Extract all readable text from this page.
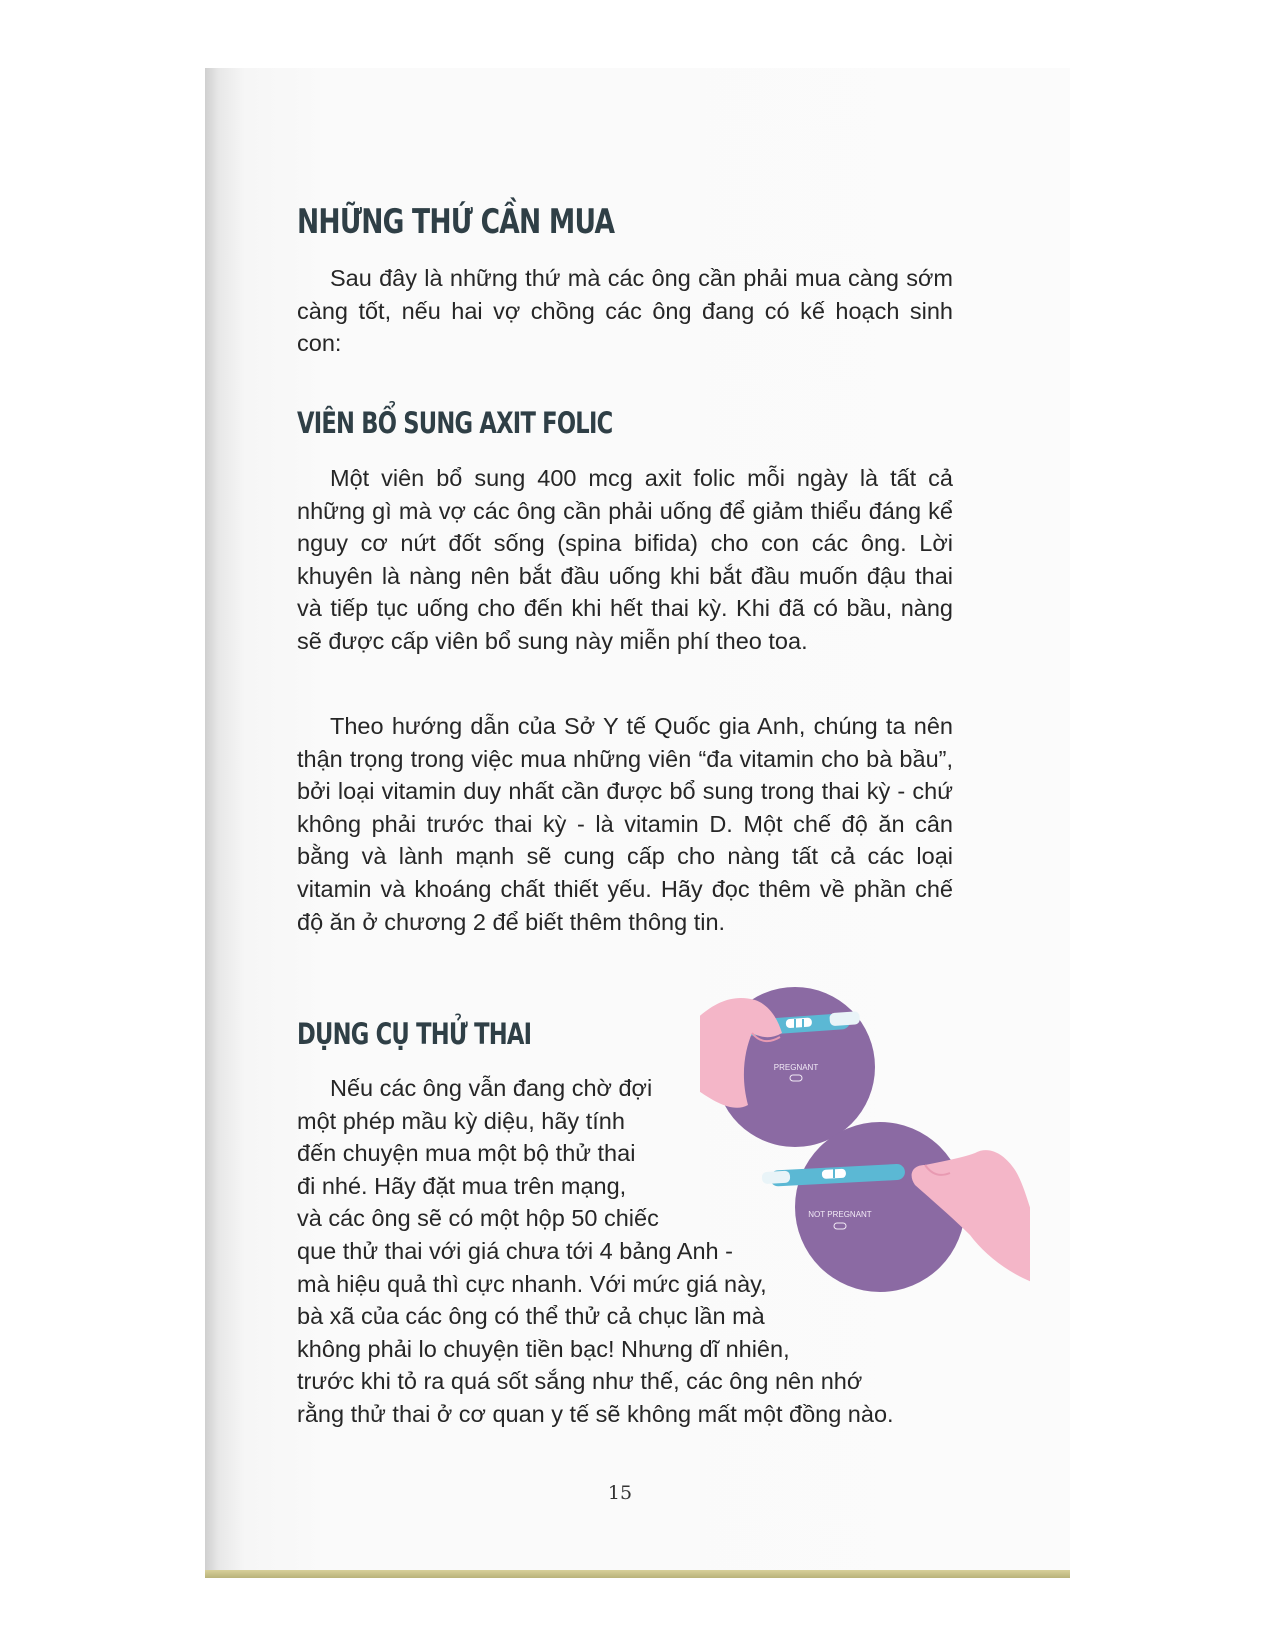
NHỮNG THỨ CẦN MUA

Sau đây là những thứ mà các ông cần phải mua càng sớm càng tốt, nếu hai vợ chồng các ông đang có kế hoạch sinh con:

VIÊN BỔ SUNG AXIT FOLIC

Một viên bổ sung 400 mcg axit folic mỗi ngày là tất cả những gì mà vợ các ông cần phải uống để giảm thiểu đáng kể nguy cơ nứt đốt sống (spina bifida) cho con các ông. Lời khuyên là nàng nên bắt đầu uống khi bắt đầu muốn đậu thai và tiếp tục uống cho đến khi hết thai kỳ. Khi đã có bầu, nàng sẽ được cấp viên bổ sung này miễn phí theo toa.

Theo hướng dẫn của Sở Y tế Quốc gia Anh, chúng ta nên thận trọng trong việc mua những viên “đa vitamin cho bà bầu”, bởi loại vitamin duy nhất cần được bổ sung trong thai kỳ - chứ không phải trước thai kỳ - là vitamin D. Một chế độ ăn cân bằng và lành mạnh sẽ cung cấp cho nàng tất cả các loại vitamin và khoáng chất thiết yếu. Hãy đọc thêm về phần chế độ ăn ở chương 2 để biết thêm thông tin.

DỤNG CỤ THỬ THAI
Nếu các ông vẫn đang chờ đợi
một phép mầu kỳ diệu, hãy tính
đến chuyện mua một bộ thử thai
đi nhé. Hãy đặt mua trên mạng,
và các ông sẽ có một hộp 50 chiếc
que thử thai với giá chưa tới 4 bảng Anh -
mà hiệu quả thì cực nhanh. Với mức giá này,
bà xã của các ông có thể thử cả chục lần mà
không phải lo chuyện tiền bạc! Nhưng dĩ nhiên,
trước khi tỏ ra quá sốt sắng như thế, các ông nên nhớ
rằng thử thai ở cơ quan y tế sẽ không mất một đồng nào.
PREGNANT
NOT PREGNANT
15
